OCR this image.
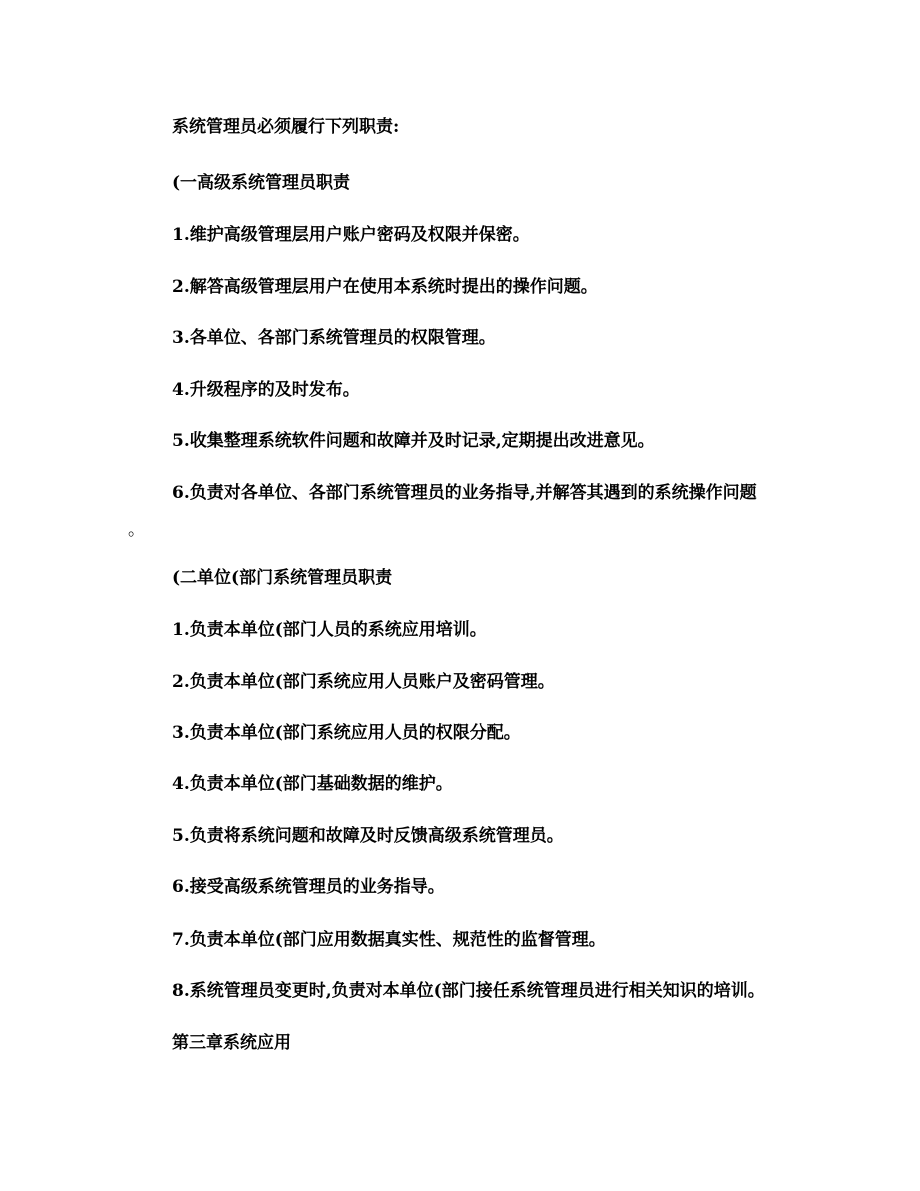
系统管理员必须履行下列职责:
(一高级系统管理员职责
1.维护高级管理层用户账户密码及权限并保密。
2.解答高级管理层用户在使用本系统时提出的操作问题。
3.各单位、各部门系统管理员的权限管理。
4.升级程序的及时发布。
5.收集整理系统软件问题和故障并及时记录,定期提出改进意见。
6.负责对各单位、各部门系统管理员的业务指导,并解答其遇到的系统操作问题
。
(二单位(部门系统管理员职责
1.负责本单位(部门人员的系统应用培训。
2.负责本单位(部门系统应用人员账户及密码管理。
3.负责本单位(部门系统应用人员的权限分配。
4.负责本单位(部门基础数据的维护。
5.负责将系统问题和故障及时反馈高级系统管理员。
6.接受高级系统管理员的业务指导。
7.负责本单位(部门应用数据真实性、规范性的监督管理。
8.系统管理员变更时,负责对本单位(部门接任系统管理员进行相关知识的培训。
第三章系统应用
